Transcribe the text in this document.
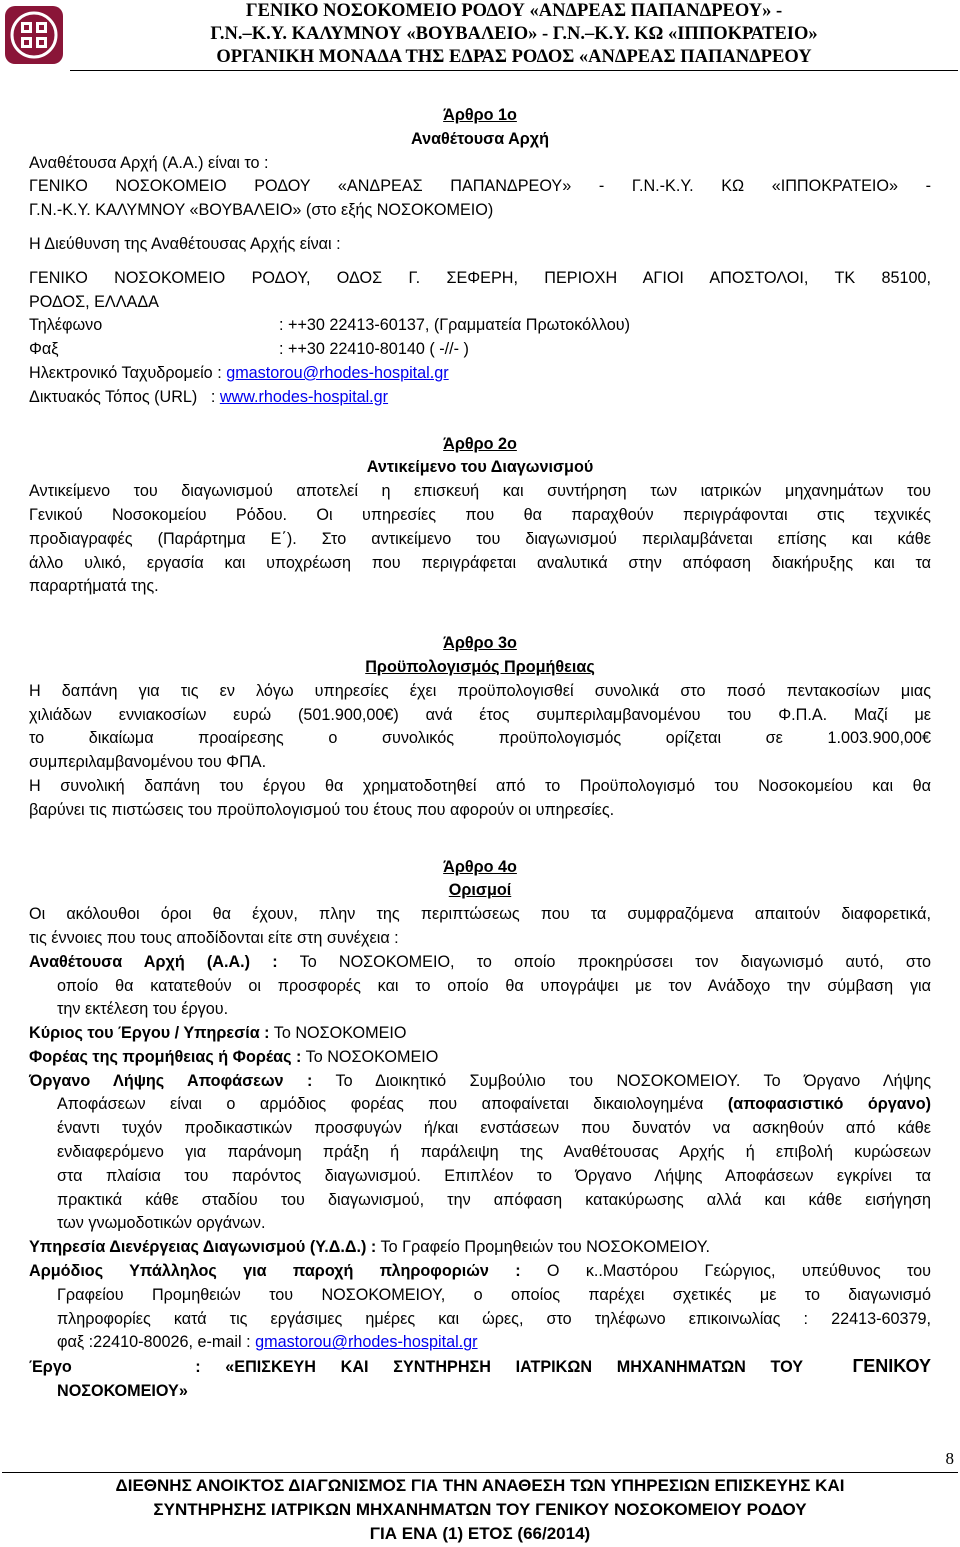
ΓΕΝΙΚΟ ΝΟΣΟΚΟΜΕΙΟ ΡΟΔΟΥ «ΑΝΔΡΕΑΣ ΠΑΠΑΝΔΡΕΟΥ» -
Γ.Ν.–Κ.Υ. ΚΑΛΥΜΝΟΥ «ΒΟΥΒΑΛΕΙΟ» - Γ.Ν.–Κ.Υ. ΚΩ «ΙΠΠΟΚΡΑΤΕΙΟ»
ΟΡΓΑΝΙΚΗ ΜΟΝΑΔΑ ΤΗΣ ΕΔΡΑΣ ΡΟΔΟΣ «ΑΝΔΡΕΑΣ ΠΑΠΑΝΔΡΕΟΥ
Άρθρο 1ο
Αναθέτουσα Αρχή
Αναθέτουσα Αρχή (Α.Α.) είναι το :
ΓΕΝΙΚΟ ΝΟΣΟΚΟΜΕΙΟ ΡΟΔΟΥ «ΑΝΔΡΕΑΣ ΠΑΠΑΝΔΡΕΟΥ» - Γ.Ν.-Κ.Υ. ΚΩ «ΙΠΠΟΚΡΑΤΕΙΟ» -
Γ.Ν.-Κ.Υ. ΚΑΛΥΜΝΟΥ «ΒΟΥΒΑΛΕΙΟ» (στο εξής ΝΟΣΟΚΟΜΕΙΟ)
Η Διεύθυνση της Αναθέτουσας Αρχής είναι :
ΓΕΝΙΚΟ ΝΟΣΟΚΟΜΕΙΟ ΡΟΔΟΥ, ΟΔΟΣ Γ. ΣΕΦΕΡΗ, ΠΕΡΙΟΧΗ ΑΓΙΟΙ ΑΠΟΣΤΟΛΟΙ, ΤΚ 85100,
ΡΟΔΟΣ, ΕΛΛΑΔΑ
Τηλέφωνο	: ++30 22413-60137, (Γραμματεία Πρωτοκόλλου)
Φαξ	: ++30 22410-80140 ( -//- )
Ηλεκτρονικό Ταχυδρομείο : gmastorou@rhodes-hospital.gr
Δικτυακός Τόπος (URL) : www.rhodes-hospital.gr
Άρθρο 2ο
Αντικείμενο του Διαγωνισμού
Αντικείμενο του διαγωνισμού αποτελεί η επισκευή και συντήρηση των ιατρικών μηχανημάτων του
Γενικού Νοσοκομείου Ρόδου. Οι υπηρεσίες που θα παραχθούν περιγράφονται στις τεχνικές
προδιαγραφές (Παράρτημα Ε΄). Στο αντικείμενο του διαγωνισμού περιλαμβάνεται επίσης και κάθε
άλλο υλικό, εργασία και υποχρέωση που περιγράφεται αναλυτικά στην απόφαση διακήρυξης και τα
παραρτήματά της.
Άρθρο 3ο
Προϋπολογισμός Προμήθειας
Η δαπάνη για τις εν λόγω υπηρεσίες έχει προϋπολογισθεί συνολικά στο ποσό πεντακοσίων μιας
χιλιάδων εννιακοσίων ευρώ (501.900,00€) ανά έτος συμπεριλαμβανομένου του Φ.Π.Α. Μαζί με
το δικαίωμα προαίρεσης ο συνολικός προϋπολογισμός ορίζεται σε 1.003.900,00€
συμπεριλαμβανομένου του ΦΠΑ.
Η συνολική δαπάνη του έργου θα χρηματοδοτηθεί από το Προϋπολογισμό του Νοσοκομείου και θα
βαρύνει τις πιστώσεις του προϋπολογισμού του έτους που αφορούν οι υπηρεσίες.
Άρθρο 4ο
Ορισμοί
Οι ακόλουθοι όροι θα έχουν, πλην της περιπτώσεως που τα συμφραζόμενα απαιτούν διαφορετικά,
τις έννοιες που τους αποδίδονται είτε στη συνέχεια :
Αναθέτουσα Αρχή (Α.Α.) : Το ΝΟΣΟΚΟΜΕΙΟ, το οποίο προκηρύσσει τον διαγωνισμό αυτό, στο
οποίο θα κατατεθούν οι προσφορές και το οποίο θα υπογράψει με τον Ανάδοχο την σύμβαση για
την εκτέλεση του έργου.
Κύριος του Έργου / Υπηρεσία : Το ΝΟΣΟΚΟΜΕΙΟ
Φορέας της προμήθειας ή Φορέας : Το ΝΟΣΟΚΟΜΕΙΟ
Όργανο Λήψης Αποφάσεων : Το Διοικητικό Συμβούλιο του ΝΟΣΟΚΟΜΕΙΟΥ. Το Όργανο Λήψης
Αποφάσεων είναι ο αρμόδιος φορέας που αποφαίνεται δικαιολογημένα (αποφασιστικό όργανο)
έναντι τυχόν προδικαστικών προσφυγών ή/και ενστάσεων που δυνατόν να ασκηθούν από κάθε
ενδιαφερόμενο για παράνομη πράξη ή παράλειψη της Αναθέτουσας Αρχής ή επιβολή κυρώσεων
στα πλαίσια του παρόντος διαγωνισμού. Επιπλέον το Όργανο Λήψης Αποφάσεων εγκρίνει τα
πρακτικά κάθε σταδίου του διαγωνισμού, την απόφαση κατακύρωσης αλλά και κάθε εισήγηση
των γνωμοδοτικών οργάνων.
Υπηρεσία Διενέργειας Διαγωνισμού (Υ.Δ.Δ.) : Το Γραφείο Προμηθειών του ΝΟΣΟΚΟΜΕΙΟΥ.
Αρμόδιος Υπάλληλος για παροχή πληροφοριών : Ο κ..Μαστόρου Γεώργιος, υπεύθυνος του
Γραφείου Προμηθειών του ΝΟΣΟΚΟΜΕΙΟΥ, ο οποίος παρέχει σχετικές με το διαγωνισμό
πληροφορίες κατά τις εργάσιμες ημέρες και ώρες, στο τηλέφωνο επικοινωλίας : 22413-60379,
φαξ :22410-80026, e-mail : gmastorou@rhodes-hospital.gr
Έργο	: «ΕΠΙΣΚΕΥΗ ΚΑΙ ΣΥΝΤΗΡΗΣΗ ΙΑΤΡΙΚΩΝ ΜΗΧΑΝΗΜΑΤΩΝ ΤΟΥ	ΓΕΝΙΚΟΥ
ΝΟΣΟΚΟΜΕΙΟΥ»
8
ΔΙΕΘΝΗΣ ΑΝΟΙΚΤΟΣ ΔΙΑΓΩΝΙΣΜΟΣ ΓΙΑ ΤΗΝ ΑΝΑΘΕΣΗ ΤΩΝ ΥΠΗΡΕΣΙΩΝ ΕΠΙΣΚΕΥΗΣ ΚΑΙ
ΣΥΝΤΗΡΗΣΗΣ ΙΑΤΡΙΚΩΝ ΜΗΧΑΝΗΜΑΤΩΝ ΤΟΥ ΓΕΝΙΚΟΥ ΝΟΣΟΚΟΜΕΙΟΥ ΡΟΔΟΥ
ΓΙΑ ΕΝΑ (1) ΕΤΟΣ (66/2014)
